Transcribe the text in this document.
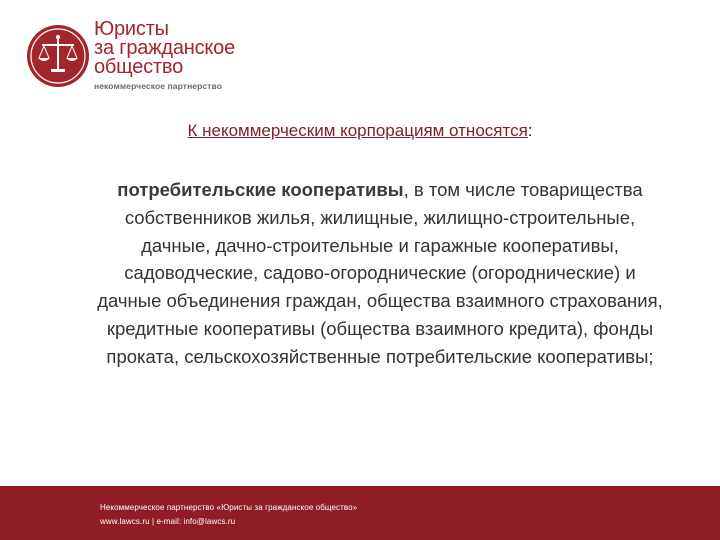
Юристы
за гражданское
общество
некоммерческое партнерство
К некоммерческим корпорациям относятся:
потребительские кооперативы, в том числе товарищества собственников жилья, жилищные, жилищно-строительные, дачные, дачно-строительные и гаражные кооперативы, садоводческие, садово-огороднические (огороднические) и дачные объединения граждан, общества взаимного страхования, кредитные кооперативы (общества взаимного кредита), фонды проката, сельскохозяйственные потребительские кооперативы;
Некоммерческое партнерство «Юристы за гражданское общество»
www.lawcs.ru | e-mail: info@lawcs.ru
